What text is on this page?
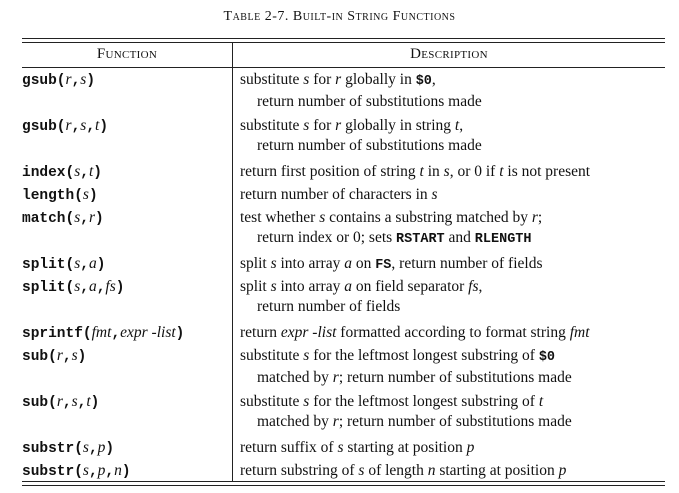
Table 2-7. Built-in String Functions
Function	Description
gsub(r,s)	substitute s for r globally in $0,
return number of substitutions made
gsub(r,s,t)	substitute s for r globally in string t,
return number of substitutions made
index(s,t)	return first position of string t in s, or 0 if t is not present
length(s)	return number of characters in s
match(s,r)	test whether s contains a substring matched by r;
return index or 0; sets RSTART and RLENGTH
split(s,a)	split s into array a on FS, return number of fields
split(s,a,fs)	split s into array a on field separator fs,
return number of fields
sprintf(fmt,expr -list)	return expr -list formatted according to format string fmt
sub(r,s)	substitute s for the leftmost longest substring of $0
matched by r; return number of substitutions made
sub(r,s,t)	substitute s for the leftmost longest substring of t
matched by r; return number of substitutions made
substr(s,p)	return suffix of s starting at position p
substr(s,p,n)	return substring of s of length n starting at position p
